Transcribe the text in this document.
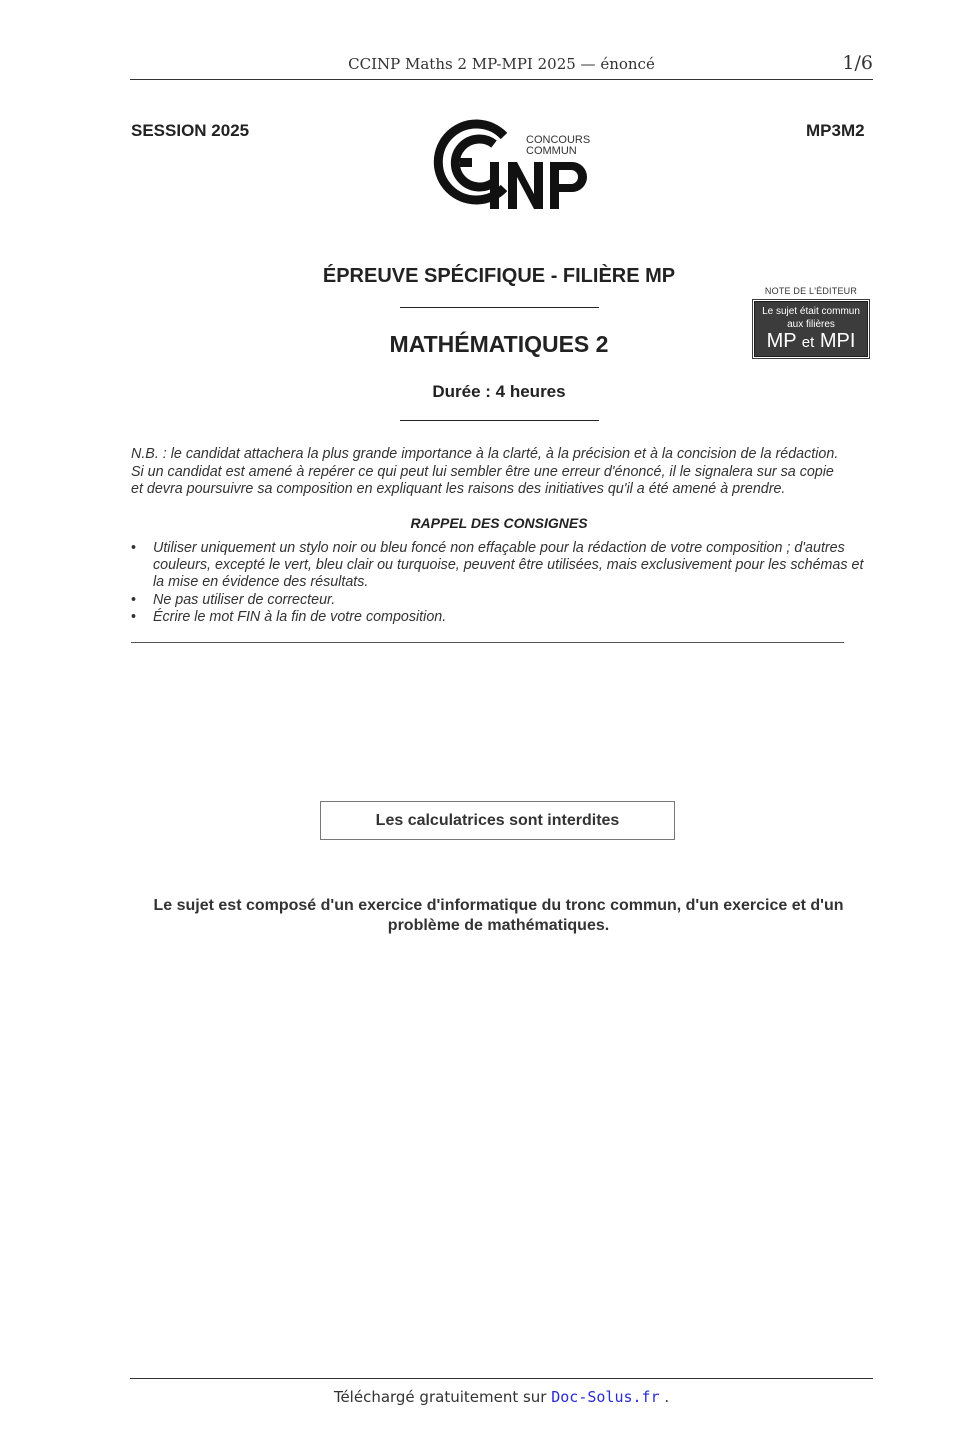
CCINP Maths 2 MP-MPI 2025 — énoncé	1/6
SESSION 2025	MP3M2
CONCOURS
COMMUN
INP
ÉPREUVE SPÉCIFIQUE - FILIÈRE MP
MATHÉMATIQUES 2
Durée : 4 heures
NOTE DE L'ÉDITEUR
Le sujet était commun
aux filières
MP et MPI
N.B. : le candidat attachera la plus grande importance à la clarté, à la précision et à la concision de la rédaction.
Si un candidat est amené à repérer ce qui peut lui sembler être une erreur d'énoncé, il le signalera sur sa copie
et devra poursuivre sa composition en expliquant les raisons des initiatives qu'il a été amené à prendre.
RAPPEL DES CONSIGNES
• Utiliser uniquement un stylo noir ou bleu foncé non effaçable pour la rédaction de votre composition ; d'autres couleurs, excepté le vert, bleu clair ou turquoise, peuvent être utilisées, mais exclusivement pour les schémas et la mise en évidence des résultats.
• Ne pas utiliser de correcteur.
• Écrire le mot FIN à la fin de votre composition.
Les calculatrices sont interdites
Le sujet est composé d'un exercice d'informatique du tronc commun, d'un exercice et d'un
problème de mathématiques.
Téléchargé gratuitement sur Doc-Solus.fr .
